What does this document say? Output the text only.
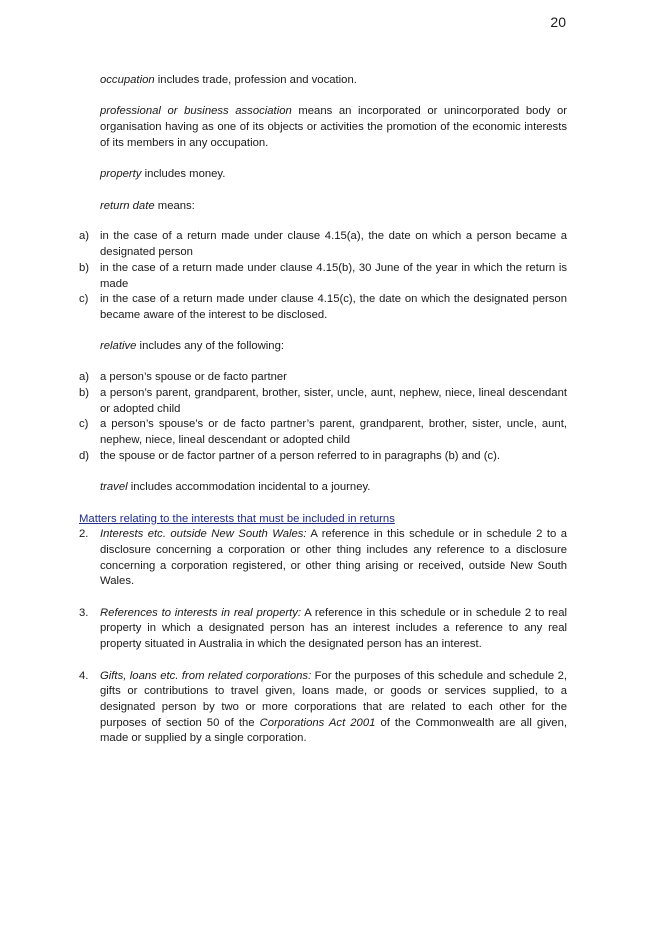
20

occupation includes trade, profession and vocation.

professional or business association means an incorporated or unincorporated body or organisation having as one of its objects or activities the promotion of the economic interests of its members in any occupation.

property includes money.

return date means:

a) in the case of a return made under clause 4.15(a), the date on which a person became a designated person
b) in the case of a return made under clause 4.15(b), 30 June of the year in which the return is made
c)	in the case of a return made under clause 4.15(c), the date on which the designated person became aware of the interest to be disclosed.

relative includes any of the following:

a) a person’s spouse or de facto partner
b) a person’s parent, grandparent, brother, sister, uncle, aunt, nephew, niece, lineal descendant or adopted child
c)	a person’s spouse’s or de facto partner’s parent, grandparent, brother, sister, uncle, aunt, nephew, niece, lineal descendant or adopted child
d) the spouse or de factor partner of a person referred to in paragraphs (b) and (c).

travel includes accommodation incidental to a journey.

Matters relating to the interests that must be included in returns
2.	Interests etc. outside New South Wales: A reference in this schedule or in schedule 2 to a disclosure concerning a corporation or other thing includes any reference to a disclosure concerning a corporation registered, or other thing arising or received, outside New South Wales.
3.	References to interests in real property: A reference in this schedule or in schedule 2 to real property in which a designated person has an interest includes a reference to any real property situated in Australia in which the designated person has an interest.
4.	Gifts, loans etc. from related corporations: For the purposes of this schedule and schedule 2, gifts or contributions to travel given, loans made, or goods or services supplied, to a designated person by two or more corporations that are related to each other for the purposes of section 50 of the Corporations Act 2001 of the Commonwealth are all given, made or supplied by a single corporation.
